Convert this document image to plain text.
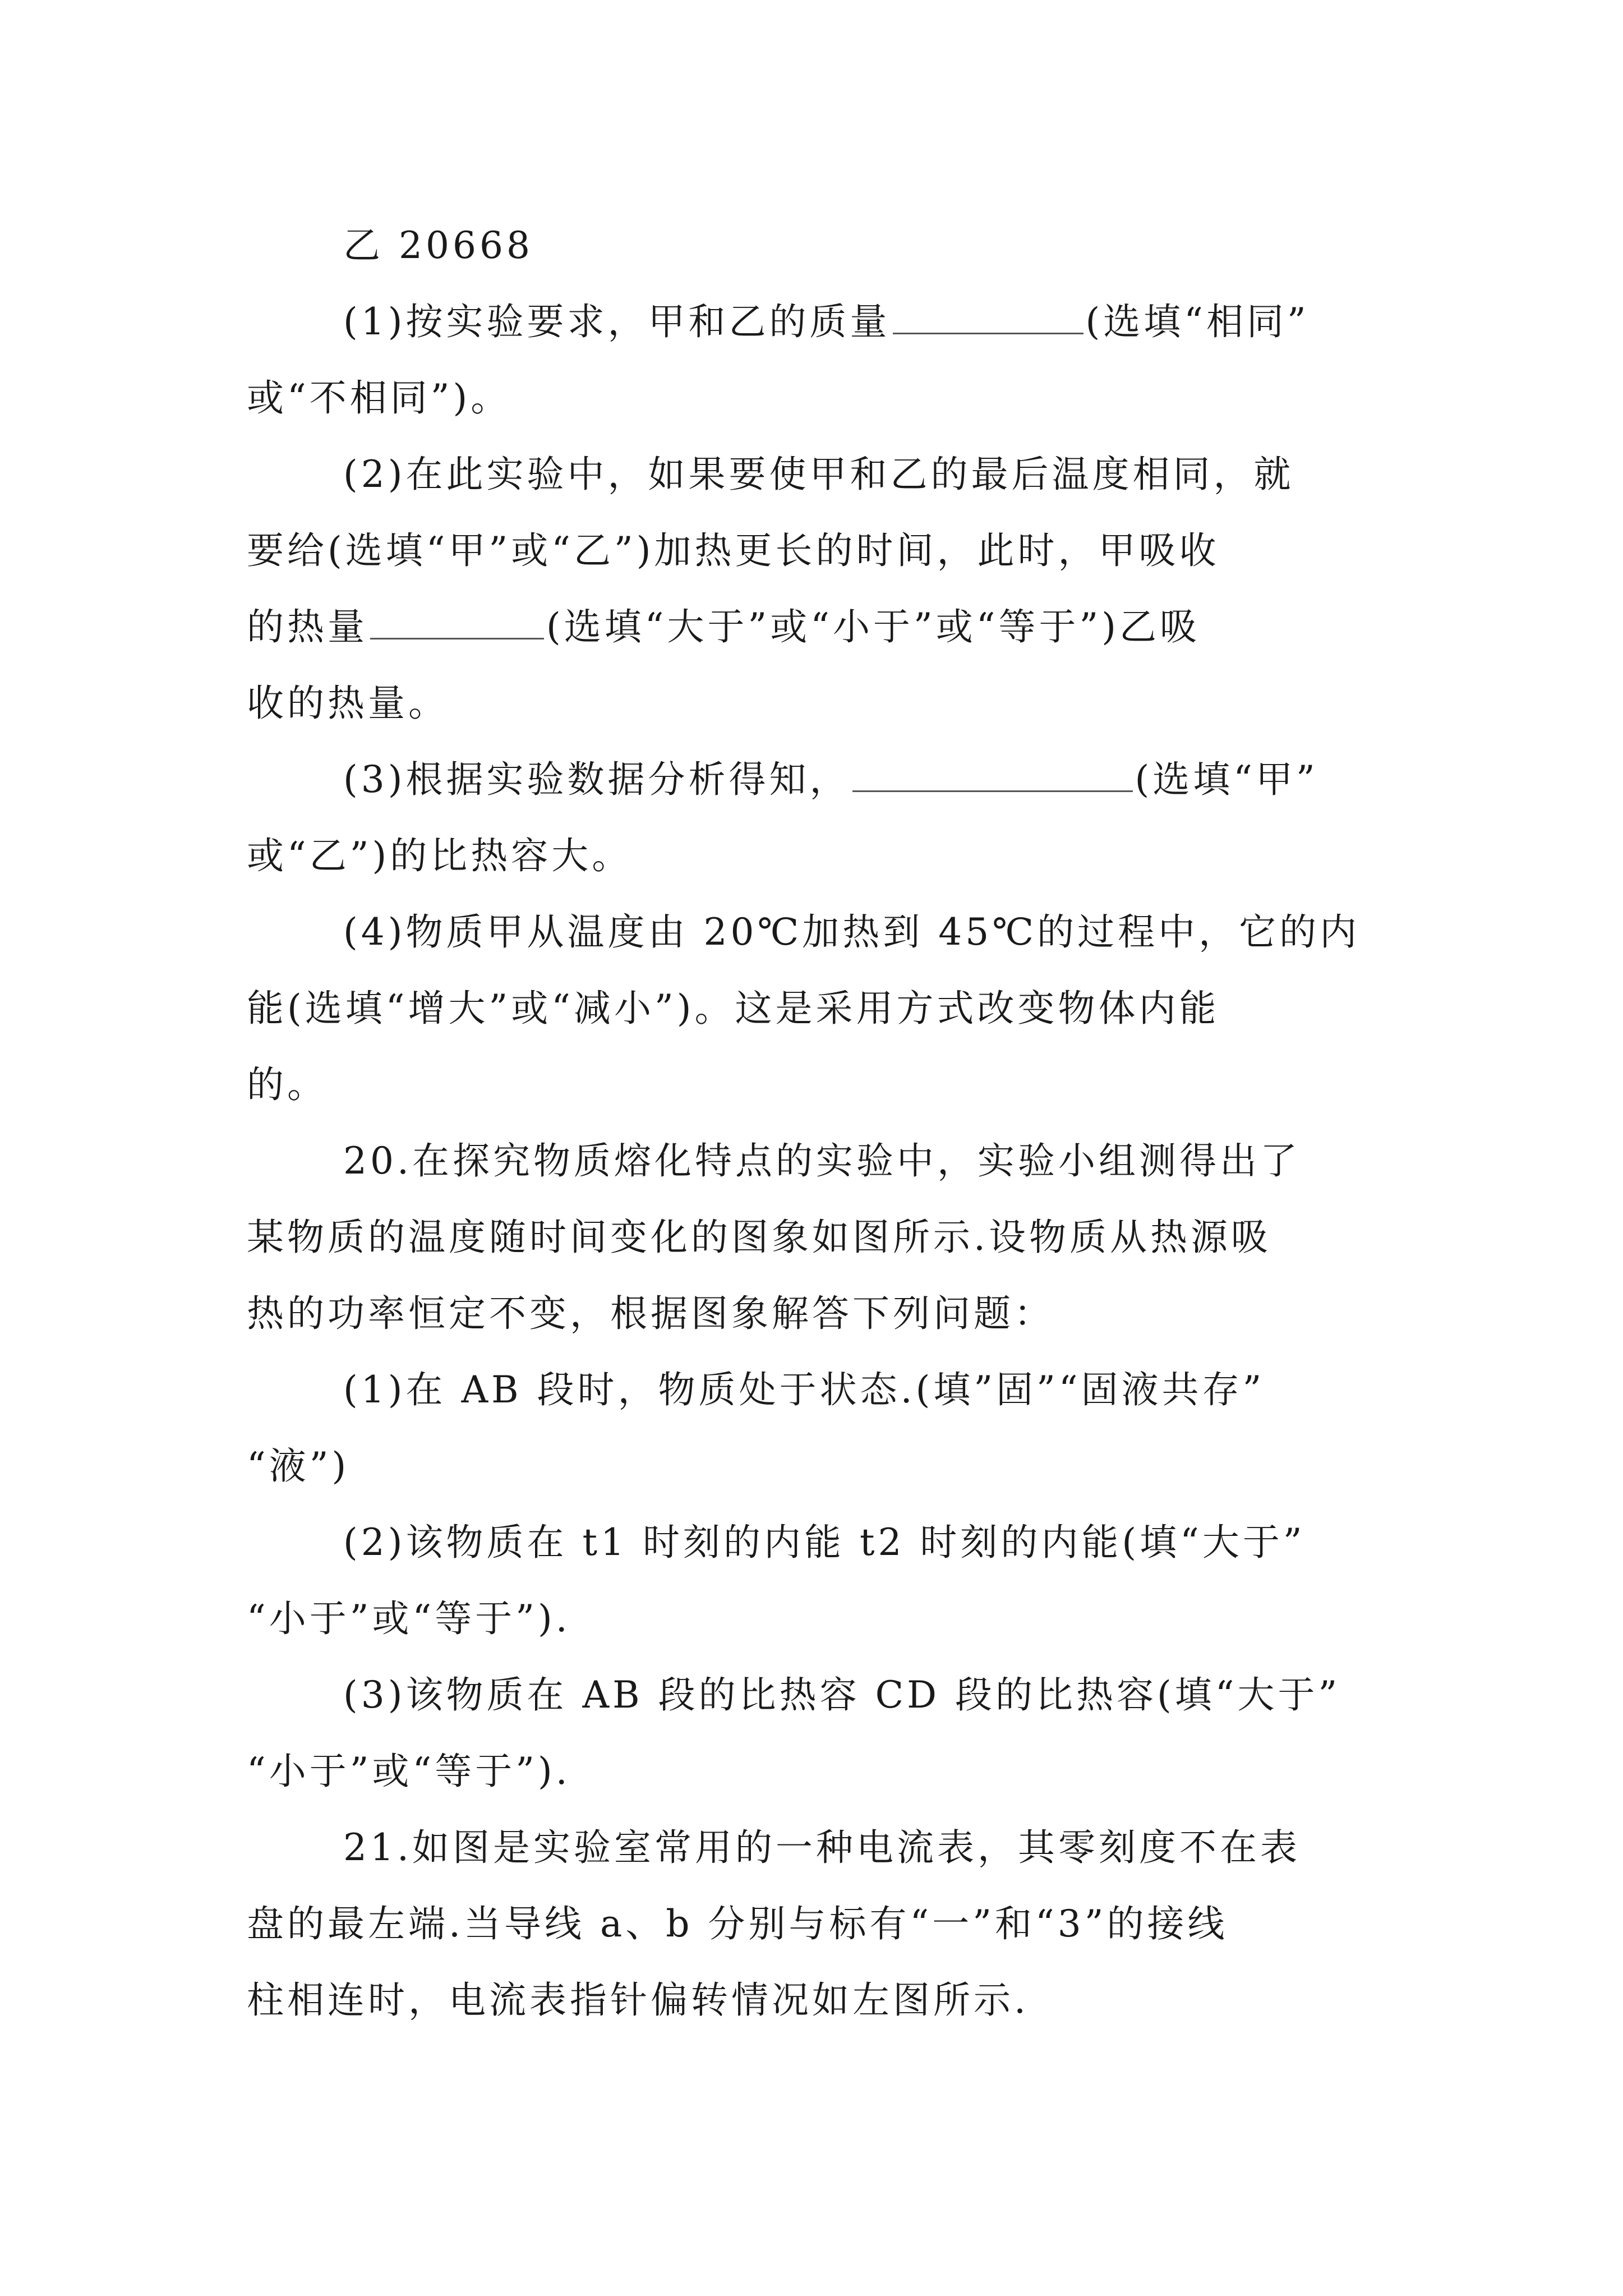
乙 20668
(1)按实验要求，甲和乙的质量	(选填“相同”
或“不相同”)。
(2)在此实验中，如果要使甲和乙的最后温度相同，就
要给(选填“甲”或“乙”)加热更长的时间，此时，甲吸收
的热量	(选填“大于”或“小于”或“等于”)乙吸
收的热量。
(3)根据实验数据分析得知，	(选填“甲”
或“乙”)的比热容大。
(4)物质甲从温度由 20℃加热到 45℃的过程中，它的内
能(选填“增大”或“减小”)。这是采用方式改变物体内能
的。
20.在探究物质熔化特点的实验中，实验小组测得出了
某物质的温度随时间变化的图象如图所示.设物质从热源吸
热的功率恒定不变，根据图象解答下列问题：
(1)在 AB 段时，物质处于状态.(填”固”“固液共存”
“液”)
(2)该物质在 t1 时刻的内能 t2 时刻的内能(填“大于”
“小于”或“等于”).
(3)该物质在 AB 段的比热容 CD 段的比热容(填“大于”
“小于”或“等于”).
21.如图是实验室常用的一种电流表，其零刻度不在表
盘的最左端.当导线 a、b 分别与标有“一”和“3”的接线
柱相连时，电流表指针偏转情况如左图所示.
